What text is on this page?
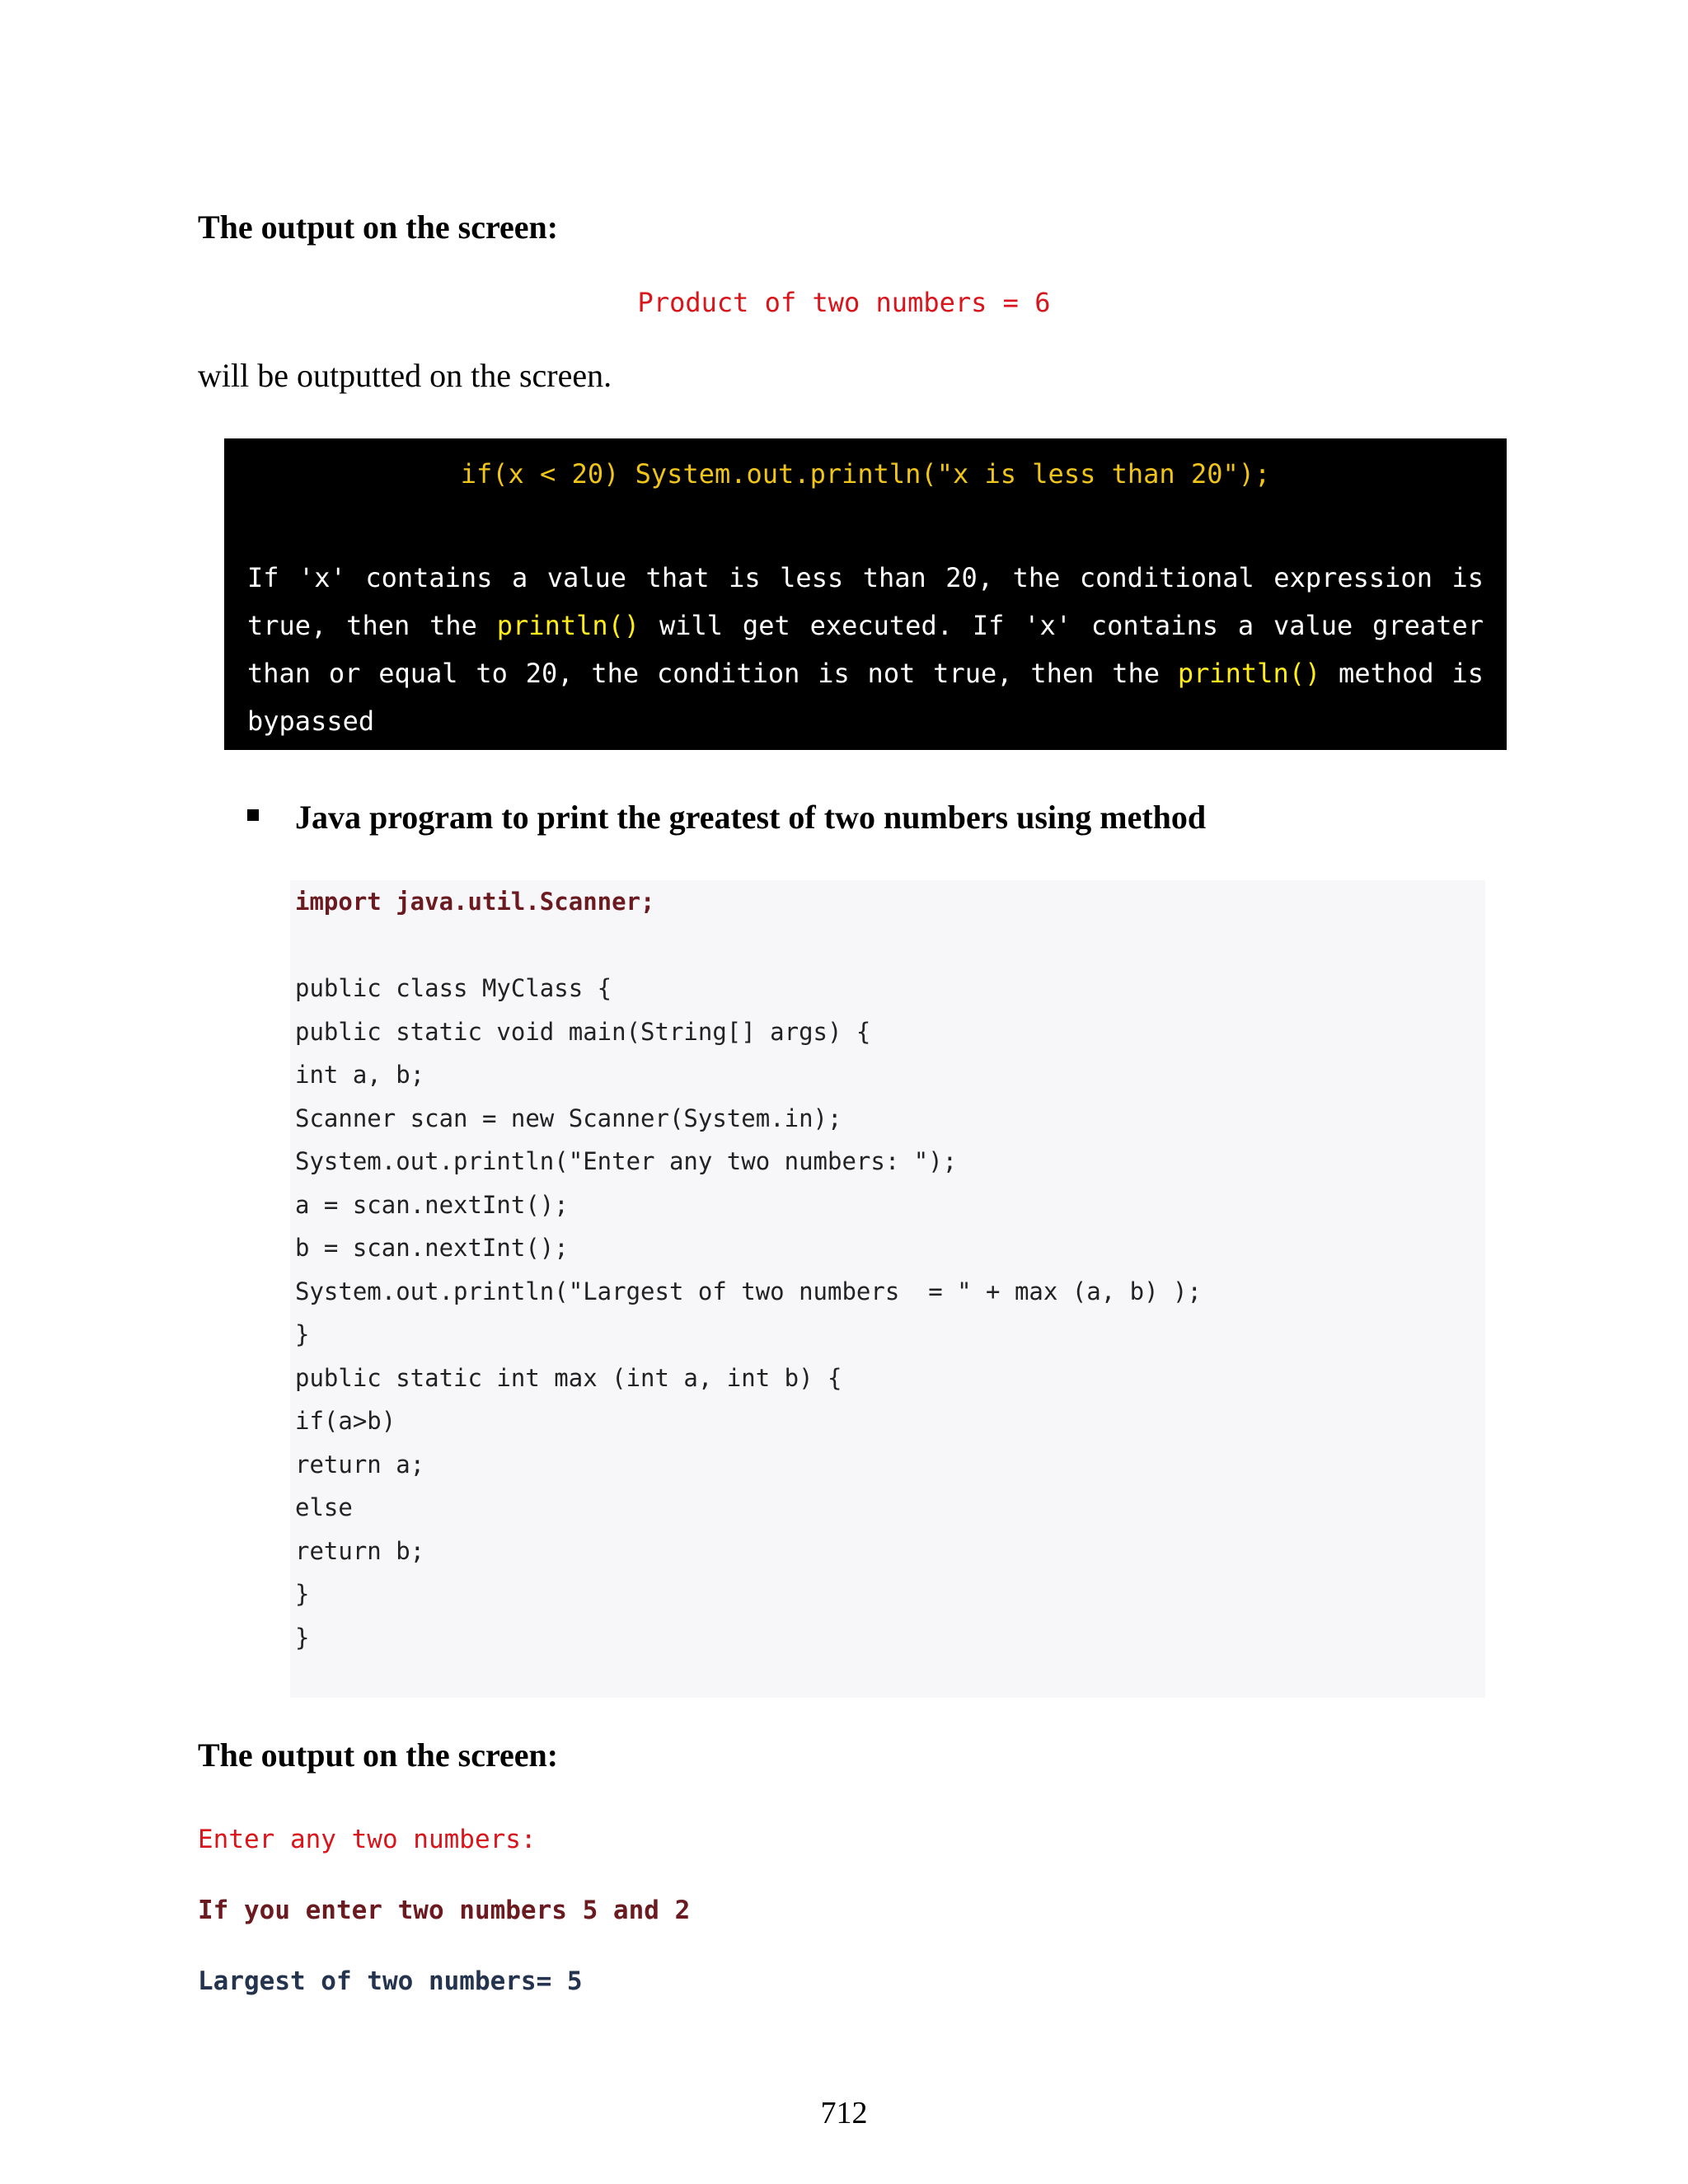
The output on the screen:
Product of two numbers = 6

will be outputted on the screen.

if(x < 20) System.out.println("x is less than 20");

If 'x' contains a value that is less than 20, the conditional expression is true, then the println() will get executed. If 'x' contains a value greater than or equal to 20, the condition is not true, then the println() method is bypassed

Java program to print the greatest of two numbers using method
import java.util.Scanner;
public class MyClass {
public static void main(String[] args) {
int a, b;
Scanner scan = new Scanner(System.in);
System.out.println("Enter any two numbers: ");
a = scan.nextInt();
b = scan.nextInt();
System.out.println("Largest of two numbers  = " + max (a, b) );
}
public static int max (int a, int b) {
if(a>b)
return a;
else
return b;
}
}
The output on the screen:

Enter any two numbers:

If you enter two numbers 5 and 2

Largest of two numbers= 5

712
